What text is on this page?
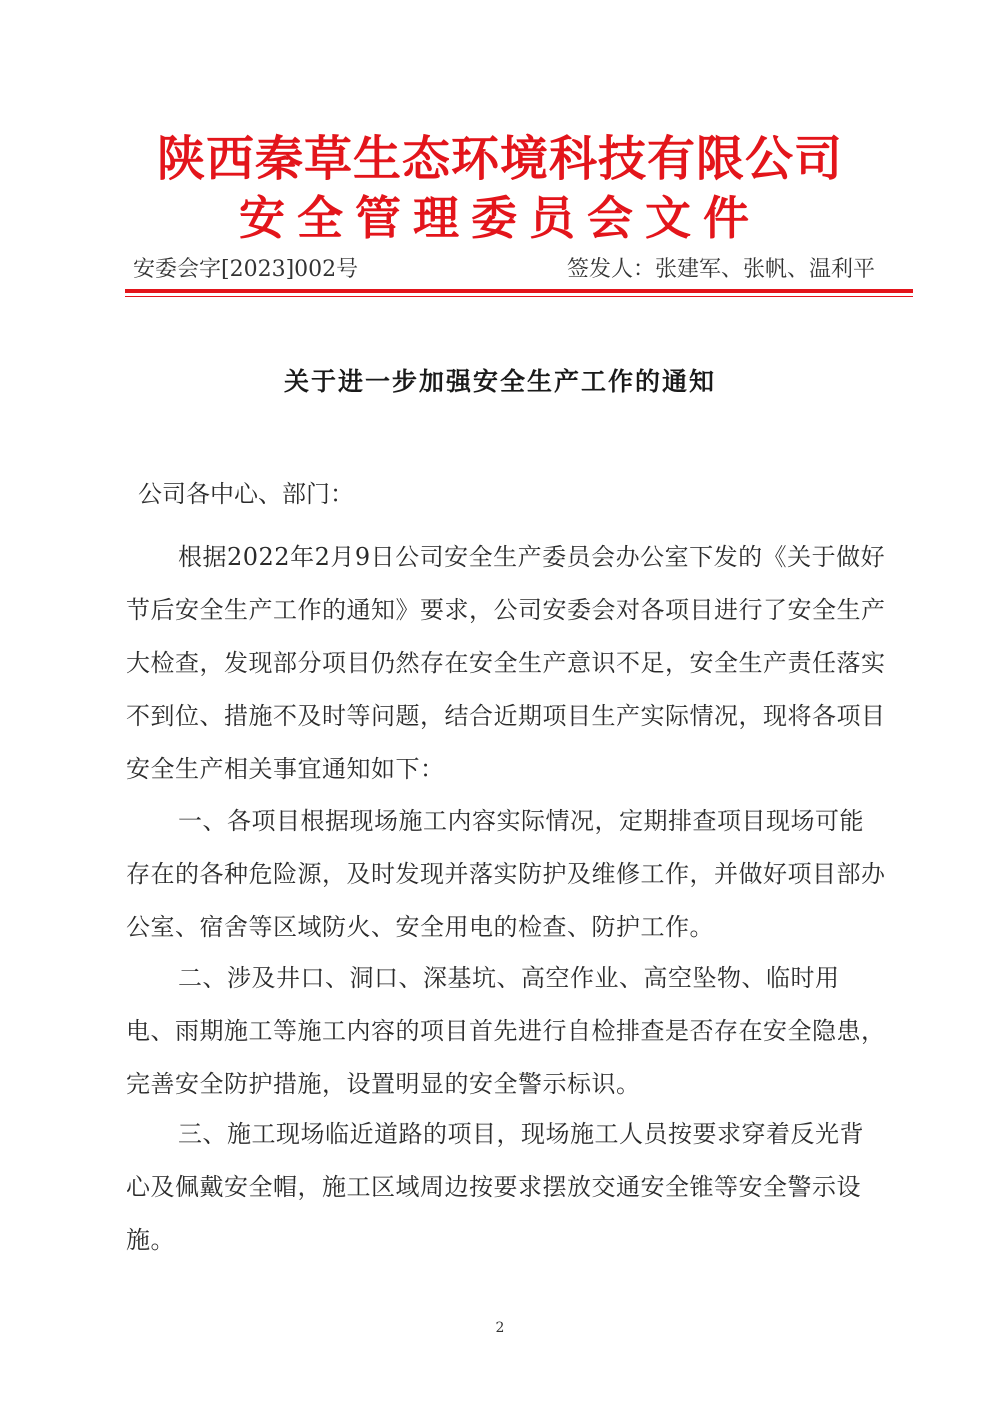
陕西秦草生态环境科技有限公司
安全管理委员会文件
安委会字[2023]002号	签发人：张建军、张帆、温利平
关于进一步加强安全生产工作的通知
公司各中心、部门：
根据2022年2月9日公司安全生产委员会办公室下发的《关于做好节后安全生产工作的通知》要求，公司安委会对各项目进行了安全生产大检查，发现部分项目仍然存在安全生产意识不足，安全生产责任落实不到位、措施不及时等问题，结合近期项目生产实际情况，现将各项目安全生产相关事宜通知如下：
一、各项目根据现场施工内容实际情况，定期排查项目现场可能存在的各种危险源，及时发现并落实防护及维修工作，并做好项目部办公室、宿舍等区域防火、安全用电的检查、防护工作。
二、涉及井口、洞口、深基坑、高空作业、高空坠物、临时用电、雨期施工等施工内容的项目首先进行自检排查是否存在安全隐患，完善安全防护措施，设置明显的安全警示标识。
三、施工现场临近道路的项目，现场施工人员按要求穿着反光背心及佩戴安全帽，施工区域周边按要求摆放交通安全锥等安全警示设施。
2
